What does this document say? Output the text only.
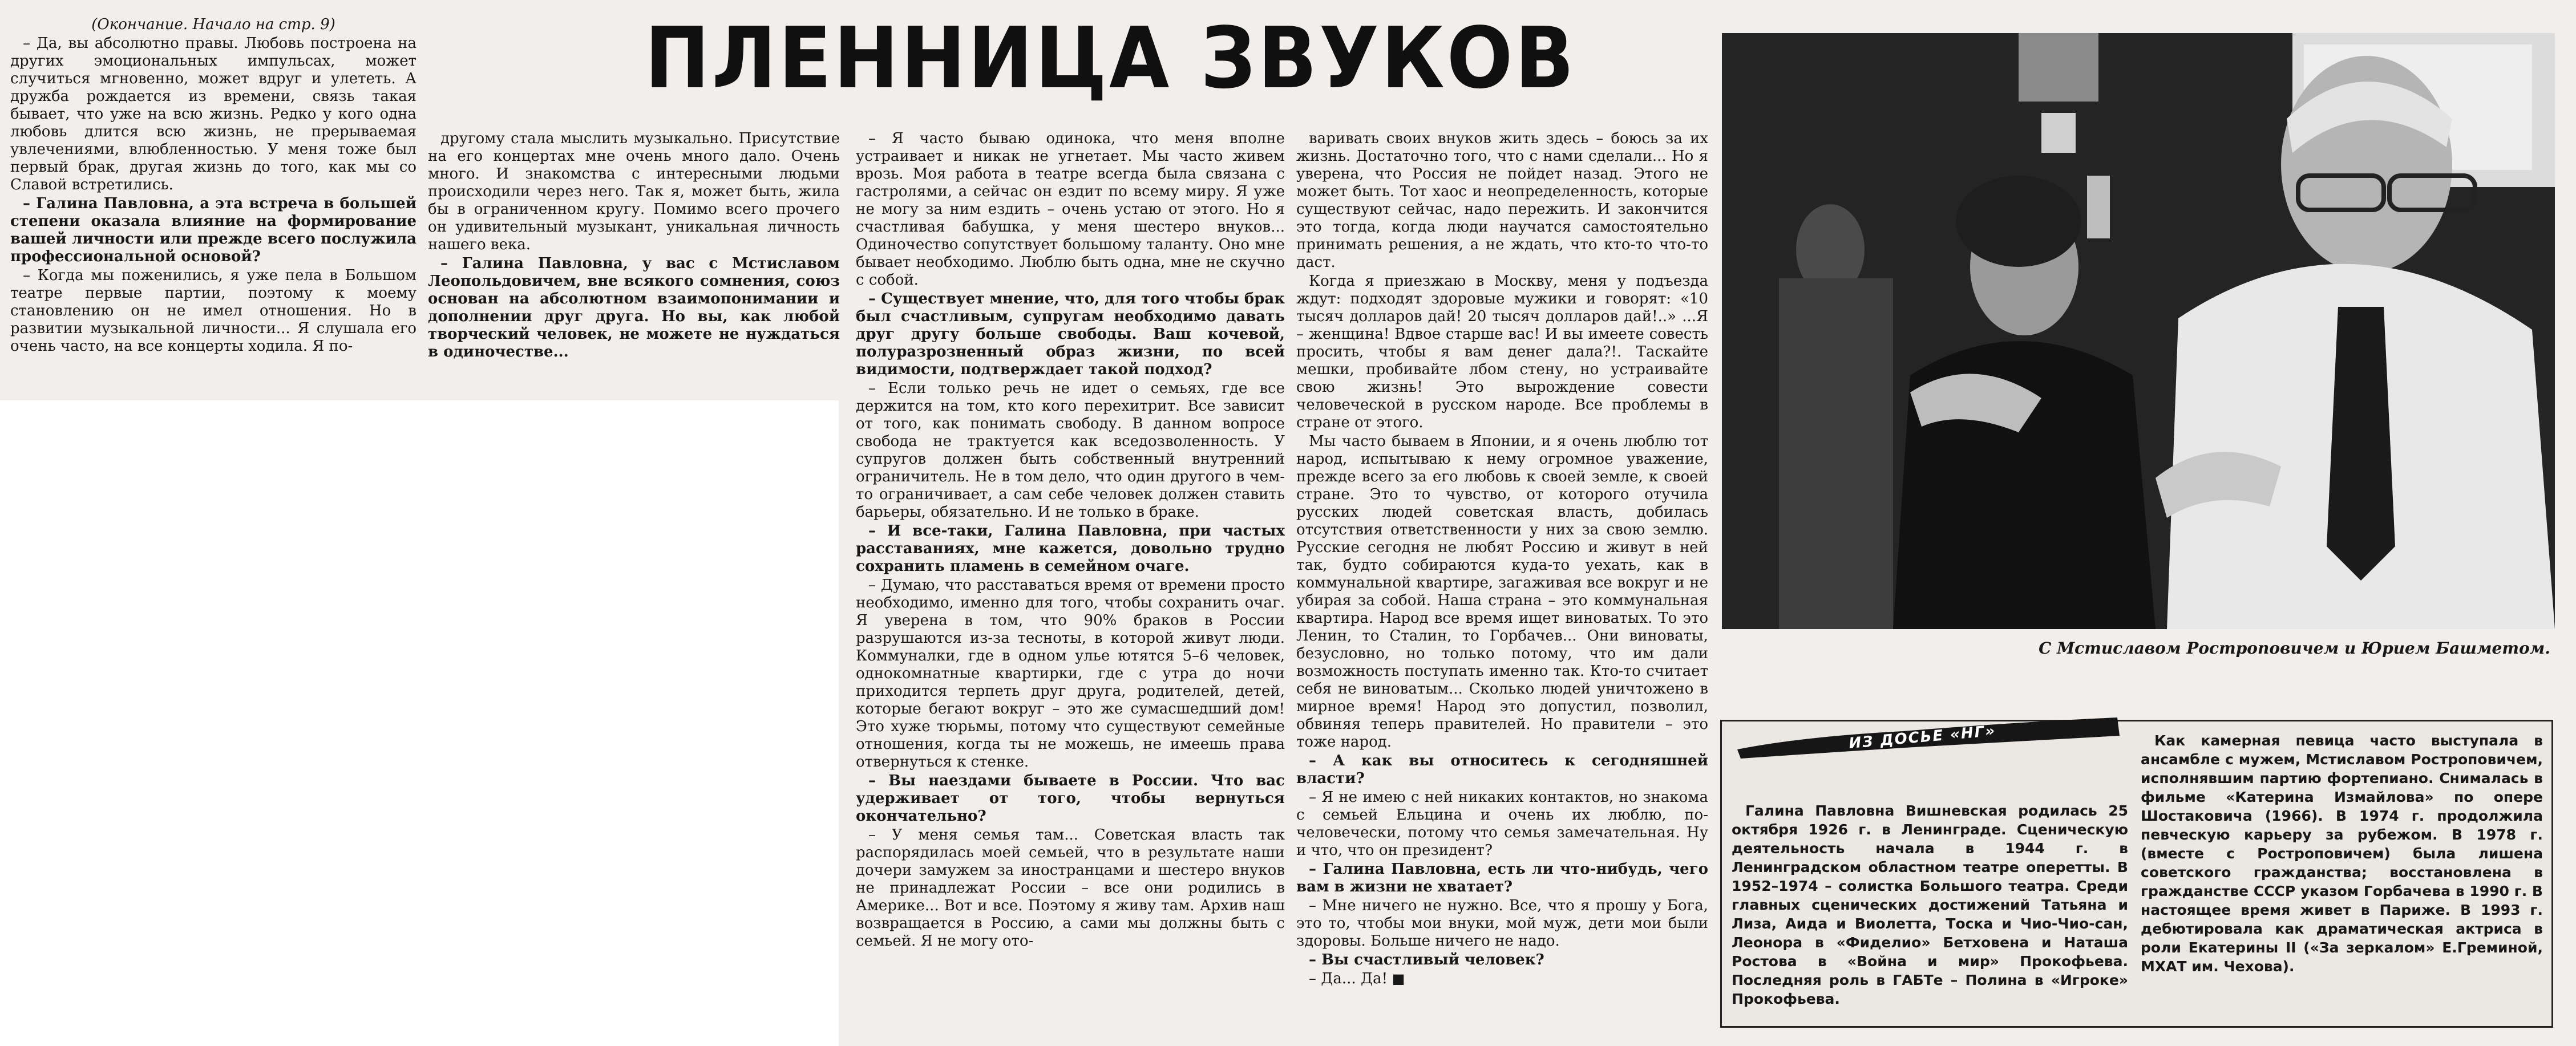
ПЛЕННИЦА ЗВУКОВ

(Окончание. Начало на стр. 9)

– Да, вы абсолютно правы. Любовь построена на других эмоциональных импульсах, может случиться мгновенно, может вдруг и улететь. А дружба рождается из времени, связь такая бывает, что уже на всю жизнь. Редко у кого одна любовь длится всю жизнь, не прерываемая увлечениями, влюбленностью. У меня тоже был первый брак, другая жизнь до того, как мы со Славой встретились.

– Галина Павловна, а эта встреча в большей степени оказала влияние на формирование вашей личности или прежде всего послужила профессиональной основой?

– Когда мы поженились, я уже пела в Большом театре первые партии, поэтому к моему становлению он не имел отношения. Но в развитии музыкальной личности... Я слушала его очень часто, на все концерты ходила. Я по-

другому стала мыслить музыкально. Присутствие на его концертах мне очень много дало. Очень много. И знакомства с интересными людьми происходили через него. Так я, может быть, жила бы в ограниченном кругу. Помимо всего прочего он удивительный музыкант, уникальная личность нашего века.

– Галина Павловна, у вас с Мстиславом Леопольдовичем, вне всякого сомнения, союз основан на абсолютном взаимопонимании и дополнении друг друга. Но вы, как любой творческий человек, не можете не нуждаться в одиночестве...

– Я часто бываю одинока, что меня вполне устраивает и никак не угнетает. Мы часто живем врозь. Моя работа в театре всегда была связана с гастролями, а сейчас он ездит по всему миру. Я уже не могу за ним ездить – очень устаю от этого. Но я счастливая бабушка, у меня шестеро внуков... Одиночество сопутствует большому таланту. Оно мне бывает необходимо. Люблю быть одна, мне не скучно с собой.

– Существует мнение, что, для того чтобы брак был счастливым, супругам необходимо давать друг другу больше свободы. Ваш кочевой, полуразрозненный образ жизни, по всей видимости, подтверждает такой подход?

– Если только речь не идет о семьях, где все держится на том, кто кого перехитрит. Все зависит от того, как понимать свободу. В данном вопросе свобода не трактуется как вседозволенность. У супругов должен быть собственный внутренний ограничитель. Не в том дело, что один другого в чем-то ограничивает, а сам себе человек должен ставить барьеры, обязательно. И не только в браке.

– И все-таки, Галина Павловна, при частых расставаниях, мне кажется, довольно трудно сохранить пламень в семейном очаге.

– Думаю, что расставаться время от времени просто необходимо, именно для того, чтобы сохранить очаг. Я уверена в том, что 90% браков в России разрушаются из-за тесноты, в которой живут люди. Коммуналки, где в одном улье ютятся 5–6 человек, однокомнатные квартирки, где с утра до ночи приходится терпеть друг друга, родителей, детей, которые бегают вокруг – это же сумасшедший дом! Это хуже тюрьмы, потому что существуют семейные отношения, когда ты не можешь, не имеешь права отвернуться к стенке.

– Вы наездами бываете в России. Что вас удерживает от того, чтобы вернуться окончательно?

– У меня семья там... Советская власть так распорядилась моей семьей, что в результате наши дочери замужем за иностранцами и шестеро внуков не принадлежат России – все они родились в Америке... Вот и все. Поэтому я живу там. Архив наш возвращается в Россию, а сами мы должны быть с семьей. Я не могу ото-

варивать своих внуков жить здесь – боюсь за их жизнь. Достаточно того, что с нами сделали... Но я уверена, что Россия не пойдет назад. Этого не может быть. Тот хаос и неопределенность, которые существуют сейчас, надо пережить. И закончится это тогда, когда люди научатся самостоятельно принимать решения, а не ждать, что кто-то что-то даст.

Когда я приезжаю в Москву, меня у подъезда ждут: подходят здоровые мужики и говорят: «10 тысяч долларов дай! 20 тысяч долларов дай!..» ...Я – женщина! Вдвое старше вас! И вы имеете совесть просить, чтобы я вам денег дала?!. Таскайте мешки, пробивайте лбом стену, но устраивайте свою жизнь! Это вырождение совести человеческой в русском народе. Все проблемы в стране от этого.

Мы часто бываем в Японии, и я очень люблю тот народ, испытываю к нему огромное уважение, прежде всего за его любовь к своей земле, к своей стране. Это то чувство, от которого отучила русских людей советская власть, добилась отсутствия ответственности у них за свою землю. Русские сегодня не любят Россию и живут в ней так, будто собираются куда-то уехать, как в коммунальной квартире, загаживая все вокруг и не убирая за собой. Наша страна – это коммунальная квартира. Народ все время ищет виноватых. То это Ленин, то Сталин, то Горбачев... Они виноваты, безусловно, но только потому, что им дали возможность поступать именно так. Кто-то считает себя не виноватым... Сколько людей уничтожено в мирное время! Народ это допустил, позволил, обвиняя теперь правителей. Но правители – это тоже народ.

– А как вы относитесь к сегодняшней власти?

– Я не имею с ней никаких контактов, но знакома с семьей Ельцина и очень их люблю, по-человечески, потому что семья замечательная. Ну и что, что он президент?

– Галина Павловна, есть ли что-нибудь, чего вам в жизни не хватает?

– Мне ничего не нужно. Все, что я прошу у Бога, это то, чтобы мои внуки, мой муж, дети мои были здоровы. Больше ничего не надо.

– Вы счастливый человек?

– Да... Да! ■

С Мстиславом Ростроповичем и Юрием Башметом.
ИЗ ДОСЬЕ «НГ»

Галина Павловна Вишневская родилась 25 октября 1926 г. в Ленинграде. Сценическую деятельность начала в 1944 г. в Ленинградском областном театре оперетты. В 1952–1974 – солистка Большого театра. Среди главных сценических достижений Татьяна и Лиза, Аида и Виолетта, Тоска и Чио-Чио-сан, Леонора в «Фиделио» Бетховена и Наташа Ростова в «Война и мир» Прокофьева. Последняя роль в ГАБТе – Полина в «Игроке» Прокофьева.

Как камерная певица часто выступала в ансамбле с мужем, Мстиславом Ростроповичем, исполнявшим партию фортепиано. Снималась в фильме «Катерина Измайлова» по опере Шостаковича (1966). В 1974 г. продолжила певческую карьеру за рубежом. В 1978 г. (вместе с Ростроповичем) была лишена советского гражданства; восстановлена в гражданстве СССР указом Горбачева в 1990 г. В настоящее время живет в Париже. В 1993 г. дебютировала как драматическая актриса в роли Екатерины II («За зеркалом» Е.Греминой, МХАТ им. Чехова).
